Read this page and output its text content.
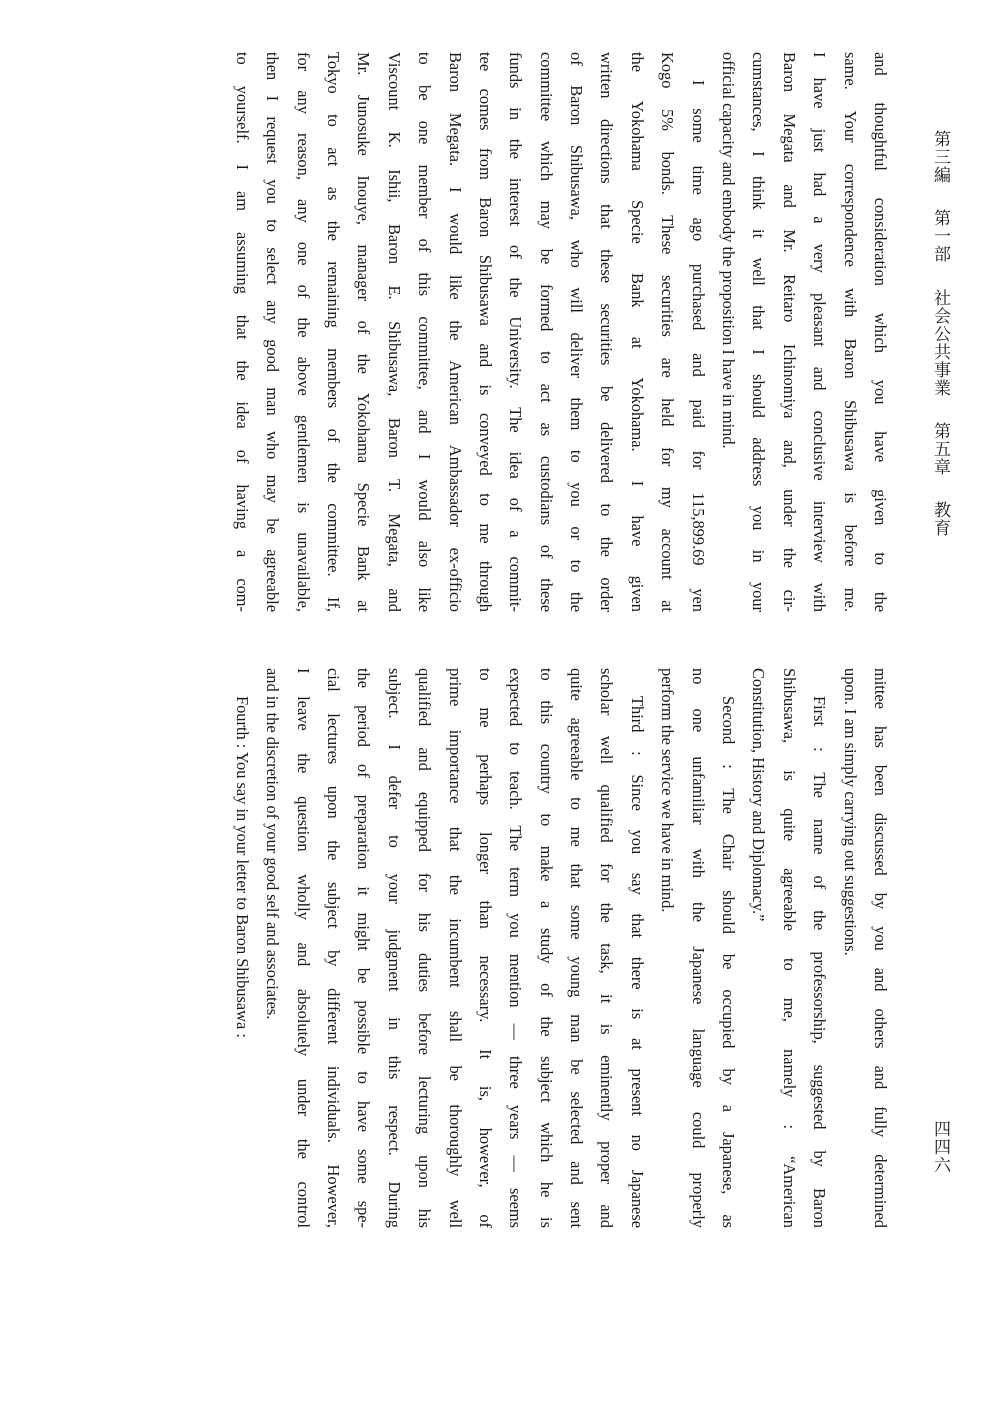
第三編 第一部 社会公共事業 第五章 教育
四四六
and thoughtful consideration which you have given to the
same. Your correspondence with Baron Shibusawa is before me.
I have just had a very pleasant and conclusive interview with
Baron Megata and Mr. Reitaro Ichinomiya and, under the cir-
cumstances, I think it well that I should address you in your
official capacity and embody the proposition I have in mind.
I some time ago purchased and paid for 115,899.69 yen
Kogo 5% bonds. These securities are held for my account at
the Yokohama Specie Bank at Yokohama. I have given
written directions that these securities be delivered to the order
of Baron Shibusawa, who will deliver them to you or to the
committee which may be formed to act as custodians of these
funds in the interest of the University. The idea of a commit-
tee comes from Baron Shibusawa and is conveyed to me through
Baron Megata. I would like the American Ambassador ex-officio
to be one member of this committee, and I would also like
Viscount K. Ishii, Baron E. Shibusawa, Baron T. Megata, and
Mr. Junosuke Inouye, manager of the Yokohama Specie Bank at
Tokyo to act as the remaining members of the committee. If,
for any reason, any one of the above gentlemen is unavailable,
then I request you to select any good man who may be agreeable
to yourself. I am assuming that the idea of having a com-
mittee has been discussed by you and others and fully determined
upon. I am simply carrying out suggestions.
First : The name of the professorship, suggested by Baron
Shibusawa, is quite agreeable to me, namely : “American
Constitution, History and Diplomacy.”
Second : The Chair should be occupied by a Japanese, as
no one unfamiliar with the Japanese language could properly
perform the service we have in mind.
Third : Since you say that there is at present no Japanese
scholar well qualified for the task, it is eminently proper and
quite agreeable to me that some young man be selected and sent
to this country to make a study of the subject which he is
expected to teach. The term you mention — three years — seems
to me perhaps longer than necessary. It is, however, of
prime importance that the incumbent shall be thoroughly well
qualified and equipped for his duties before lecturing upon his
subject. I defer to your judgment in this respect. During
the period of preparation it might be possible to have some spe-
cial lectures upon the subject by different individuals. However,
I leave the question wholly and absolutely under the control
and in the discretion of your good self and associates.
Fourth : You say in your letter to Baron Shibusawa :
